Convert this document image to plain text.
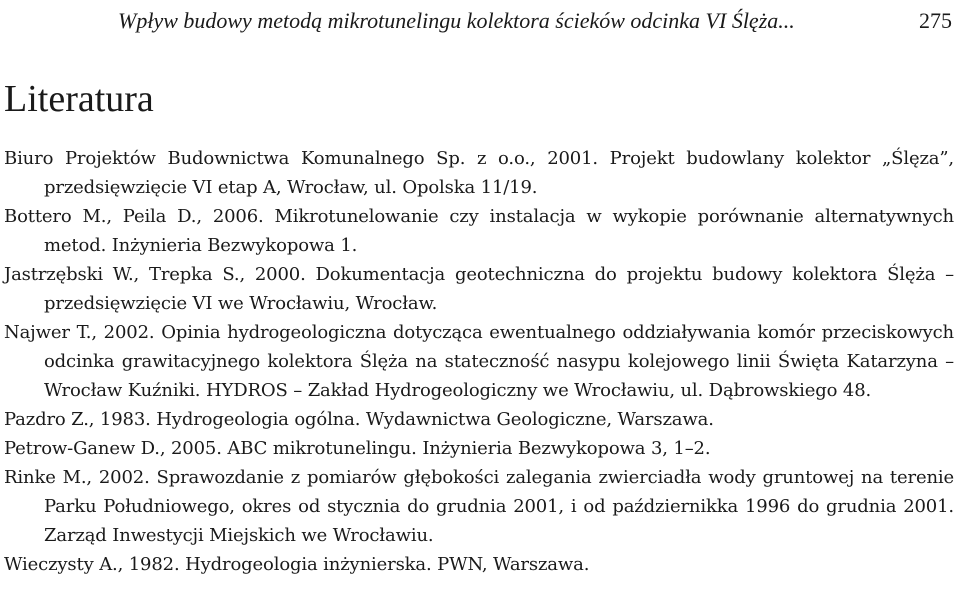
Wpływ budowy metodą mikrotunelingu kolektora ścieków odcinka VI Ślęża...	275
Literatura
Biuro Projektów Budownictwa Komunalnego Sp. z o.o., 2001. Projekt budowlany kolektor „Ślęza”, przedsięwzięcie VI etap A, Wrocław, ul. Opolska 11/19.
Bottero M., Peila D., 2006. Mikrotunelowanie czy instalacja w wykopie porównanie alternatywnych metod. Inżynieria Bezwykopowa 1.
Jastrzębski W., Trepka S., 2000. Dokumentacja geotechniczna do projektu budowy kolektora Ślęża – przedsięwzięcie VI we Wrocławiu, Wrocław.
Najwer T., 2002. Opinia hydrogeologiczna dotycząca ewentualnego oddziaływania komór przeciskowych odcinka grawitacyjnego kolektora Ślęża na stateczność nasypu kolejowego linii Święta Katarzyna – Wrocław Kuźniki. HYDROS – Zakład Hydrogeologiczny we Wrocławiu, ul. Dąbrowskiego 48.
Pazdro Z., 1983. Hydrogeologia ogólna. Wydawnictwa Geologiczne, Warszawa.
Petrow-Ganew D., 2005. ABC mikrotunelingu. Inżynieria Bezwykopowa 3, 1–2.
Rinke M., 2002. Sprawozdanie z pomiarów głębokości zalegania zwierciadła wody gruntowej na terenie Parku Południowego, okres od stycznia do grudnia 2001, i od październikka 1996 do grudnia 2001. Zarząd Inwestycji Miejskich we Wrocławiu.
Wieczysty A., 1982. Hydrogeologia inżynierska. PWN, Warszawa.
